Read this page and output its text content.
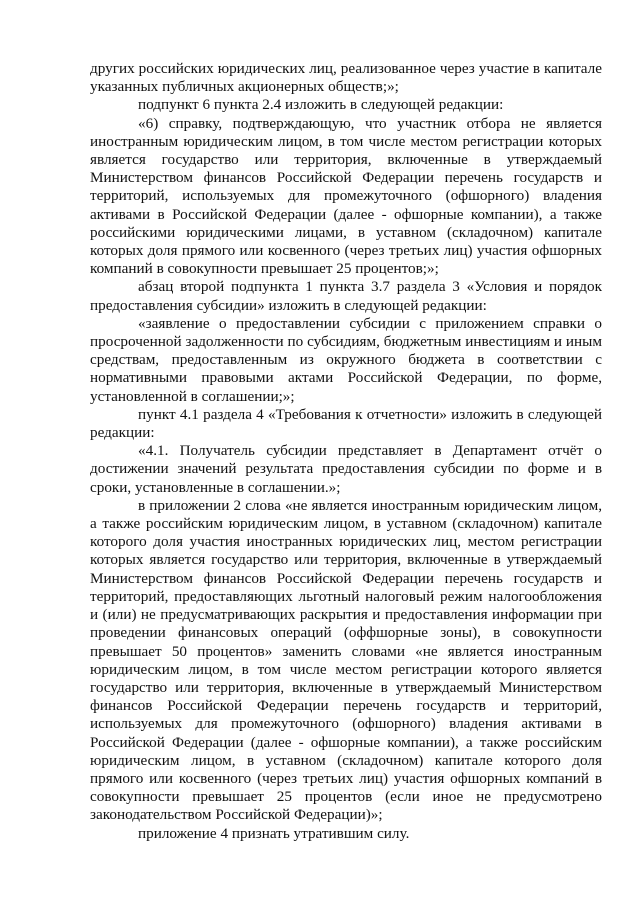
других российских юридических лиц, реализованное через участие в капитале указанных публичных акционерных обществ;»;

подпункт 6 пункта 2.4 изложить в следующей редакции:

«6) справку, подтверждающую, что участник отбора не является иностранным юридическим лицом, в том числе местом регистрации которых является государство или территория, включенные в утверждаемый Министерством финансов Российской Федерации перечень государств и территорий, используемых для промежуточного (офшорного) владения активами в Российской Федерации (далее - офшорные компании), а также российскими юридическими лицами, в уставном (складочном) капитале которых доля прямого или косвенного (через третьих лиц) участия офшорных компаний в совокупности превышает 25 процентов;»;

абзац второй подпункта 1 пункта 3.7 раздела 3 «Условия и порядок предоставления субсидии» изложить в следующей редакции:

«заявление о предоставлении субсидии с приложением справки о просроченной задолженности по субсидиям, бюджетным инвестициям и иным средствам, предоставленным из окружного бюджета в соответствии с нормативными правовыми актами Российской Федерации, по форме, установленной в соглашении;»;

пункт 4.1 раздела 4 «Требования к отчетности» изложить в следующей редакции:

«4.1. Получатель субсидии представляет в Департамент отчёт о достижении значений результата предоставления субсидии по форме и в сроки, установленные в соглашении.»;

в приложении 2 слова «не является иностранным юридическим лицом, а также российским юридическим лицом, в уставном (складочном) капитале которого доля участия иностранных юридических лиц, местом регистрации которых является государство или территория, включенные в утверждаемый Министерством финансов Российской Федерации перечень государств и территорий, предоставляющих льготный налоговый режим налогообложения и (или) не предусматривающих раскрытия и предоставления информации при проведении финансовых операций (оффшорные зоны), в совокупности превышает 50 процентов» заменить словами «не является иностранным юридическим лицом, в том числе местом регистрации которого является государство или территория, включенные в утверждаемый Министерством финансов Российской Федерации перечень государств и территорий, используемых для промежуточного (офшорного) владения активами в Российской Федерации (далее - офшорные компании), а также российским юридическим лицом, в уставном (складочном) капитале которого доля прямого или косвенного (через третьих лиц) участия офшорных компаний в совокупности превышает 25 процентов (если иное не предусмотрено законодательством Российской Федерации)»;

приложение 4 признать утратившим силу.
